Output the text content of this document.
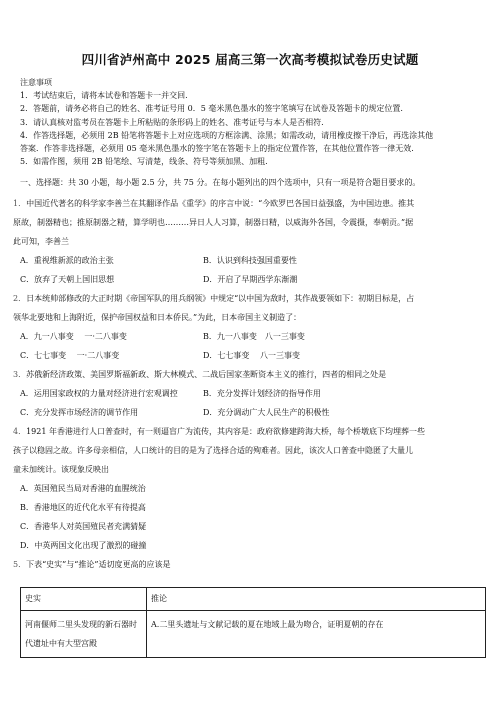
四川省泸州高中 2025 届高三第一次高考模拟试卷历史试题

注意事项

1．考试结束后，请将本试卷和答题卡一并交回.

2．答题前，请务必将自己的姓名、准考证号用 0．5 毫米黑色墨水的签字笔填写在试卷及答题卡的规定位置.

3．请认真核对监考员在答题卡上所粘贴的条形码上的姓名、准考证号与本人是否相符.

4．作答选择题，必须用 2B 铅笔将答题卡上对应选项的方框涂满、涂黑；如需改动，请用橡皮擦干净后，再选涂其他

答案．作答非选择题，必须用 05 毫米黑色墨水的签字笔在答题卡上的指定位置作答，在其他位置作答一律无效.

5．如需作图，须用 2B 铅笔绘、写清楚，线条、符号等须加黑、加粗.

一、选择题：共 30 小题，每小题 2.5 分，共 75 分。在每小题列出的四个选项中，只有一项是符合题目要求的。

1．中国近代著名的科学家李善兰在其翻译作品《重学》的序言中说：“今欧罗巴各国日益强盛，为中国边患。推其

原故，制器精也；推原制器之精，算学明也………异日人人习算，制器日精，以威海外各国，令震摄，奉朝贡。”据

此可知，李善兰

A．重视维新派的政治主张	B．认识到科技强国重要性
C．放弃了天朝上国旧思想	D．开启了早期西学东渐潮

2．日本统帅部修改的大正时期《帝国军队的用兵纲领》中规定“以中国为敌时，其作战要领如下：初期目标是，占

领华北要地和上海附近，保护帝国权益和日本侨民。”为此，日本帝国主义制造了：

A．九一八事变　 一·二八事变	B．九一八事变　八一三事变
C．七七事变　 一·二八事变	D．七七事变　 八一三事变

3．苏俄新经济政策、美国罗斯福新政、斯大林模式、二战后国家垄断资本主义的推行，四者的相同之处是

A．运用国家政权的力量对经济进行宏观调控	B．充分发挥计划经济的指导作用
C．充分发挥市场经济的调节作用	D．充分调动广大人民生产的积极性

4．1921 年香港进行人口普查时，有一则逼盲广为流传，其内容是：政府欲修建跨海大桥，每个桥墩底下均埋葬一些

孩子以稳固之故。许多母亲相信，人口统计的目的是为了选择合适的殉难者。因此，该次人口普查中隐匿了大量儿

童未加统计。该现象反映出

A．英国殖民当局对香港的血腥统治
B．香港地区的近代化水平有待提高
C．香港华人对英国殖民者充满猜疑
D．中英两国文化出现了激烈的碰撞

5．下表“史实”与“推论”适切度更高的应该是

史实	推论
河南偃师二里头发现的新石器时代遗址中有大型宫殿	A.二里头遗址与文献记载的夏在地域上最为吻合，证明夏朝的存在
